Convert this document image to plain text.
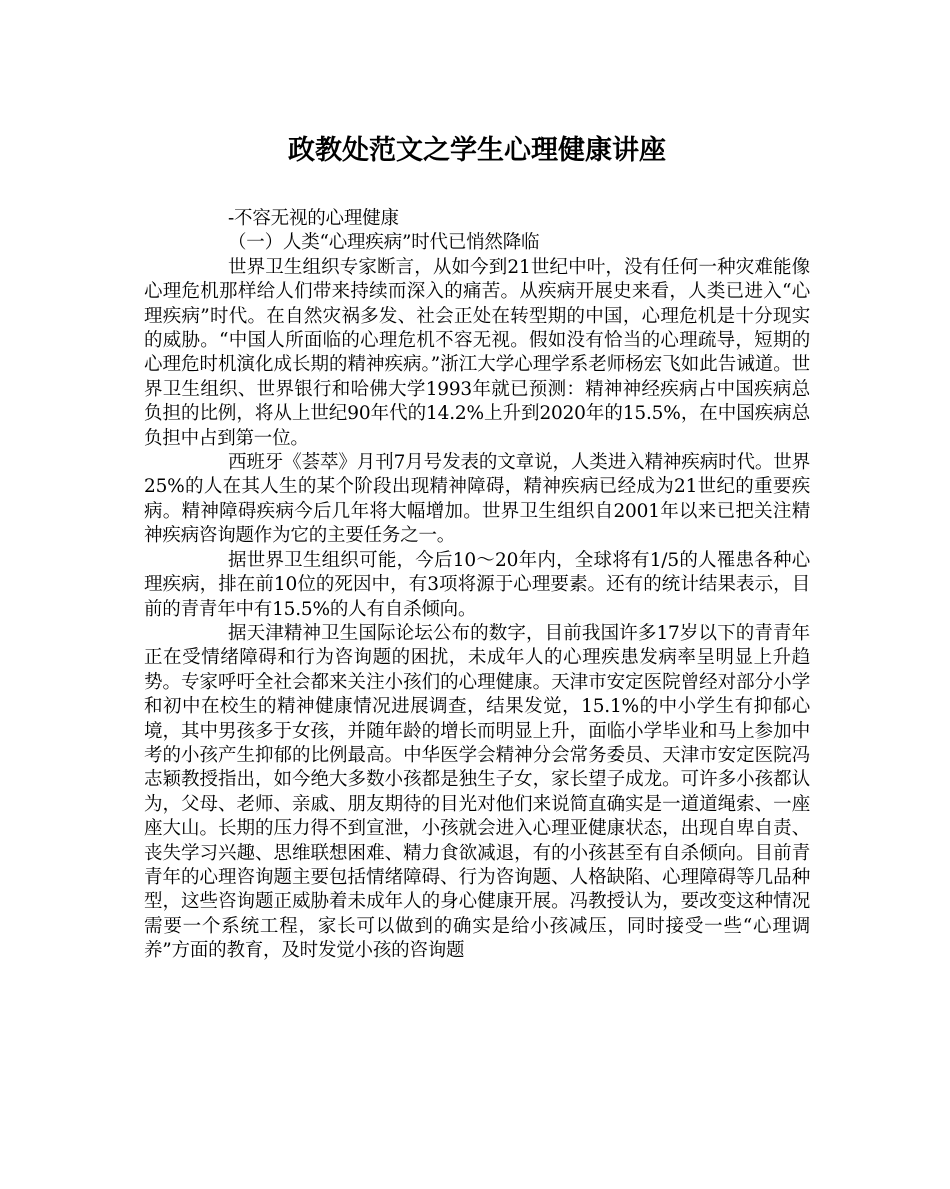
政教处范文之学生心理健康讲座

-不容无视的心理健康

（一）人类“心理疾病”时代已悄然降临

世界卫生组织专家断言，从如今到21世纪中叶，没有任何一种灾难能像心理危机那样给人们带来持续而深入的痛苦。从疾病开展史来看，人类已进入“心理疾病”时代。在自然灾祸多发、社会正处在转型期的中国，心理危机是十分现实的威胁。“中国人所面临的心理危机不容无视。假如没有恰当的心理疏导，短期的心理危时机演化成长期的精神疾病。”浙江大学心理学系老师杨宏飞如此告诫道。世界卫生组织、世界银行和哈佛大学1993年就已预测：精神神经疾病占中国疾病总负担的比例，将从上世纪90年代的14.2%上升到2020年的15.5%，在中国疾病总负担中占到第一位。

西班牙《荟萃》月刊7月号发表的文章说，人类进入精神疾病时代。世界25%的人在其人生的某个阶段出现精神障碍，精神疾病已经成为21世纪的重要疾病。精神障碍疾病今后几年将大幅增加。世界卫生组织自2001年以来已把关注精神疾病咨询题作为它的主要任务之一。

据世界卫生组织可能，今后10～20年内，全球将有1/5的人罹患各种心理疾病，排在前10位的死因中，有3项将源于心理要素。还有的统计结果表示，目前的青青年中有15.5%的人有自杀倾向。

据天津精神卫生国际论坛公布的数字，目前我国许多17岁以下的青青年正在受情绪障碍和行为咨询题的困扰，未成年人的心理疾患发病率呈明显上升趋势。专家呼吁全社会都来关注小孩们的心理健康。天津市安定医院曾经对部分小学和初中在校生的精神健康情况进展调查，结果发觉，15.1%的中小学生有抑郁心境，其中男孩多于女孩，并随年龄的增长而明显上升，面临小学毕业和马上参加中考的小孩产生抑郁的比例最高。中华医学会精神分会常务委员、天津市安定医院冯志颖教授指出，如今绝大多数小孩都是独生子女，家长望子成龙。可许多小孩都认为，父母、老师、亲戚、朋友期待的目光对他们来说简直确实是一道道绳索、一座座大山。长期的压力得不到宣泄，小孩就会进入心理亚健康状态，出现自卑自责、丧失学习兴趣、思维联想困难、精力食欲减退，有的小孩甚至有自杀倾向。目前青青年的心理咨询题主要包括情绪障碍、行为咨询题、人格缺陷、心理障碍等几品种型，这些咨询题正威胁着未成年人的身心健康开展。冯教授认为，要改变这种情况需要一个系统工程，家长可以做到的确实是给小孩减压，同时接受一些“心理调养”方面的教育，及时发觉小孩的咨询题
